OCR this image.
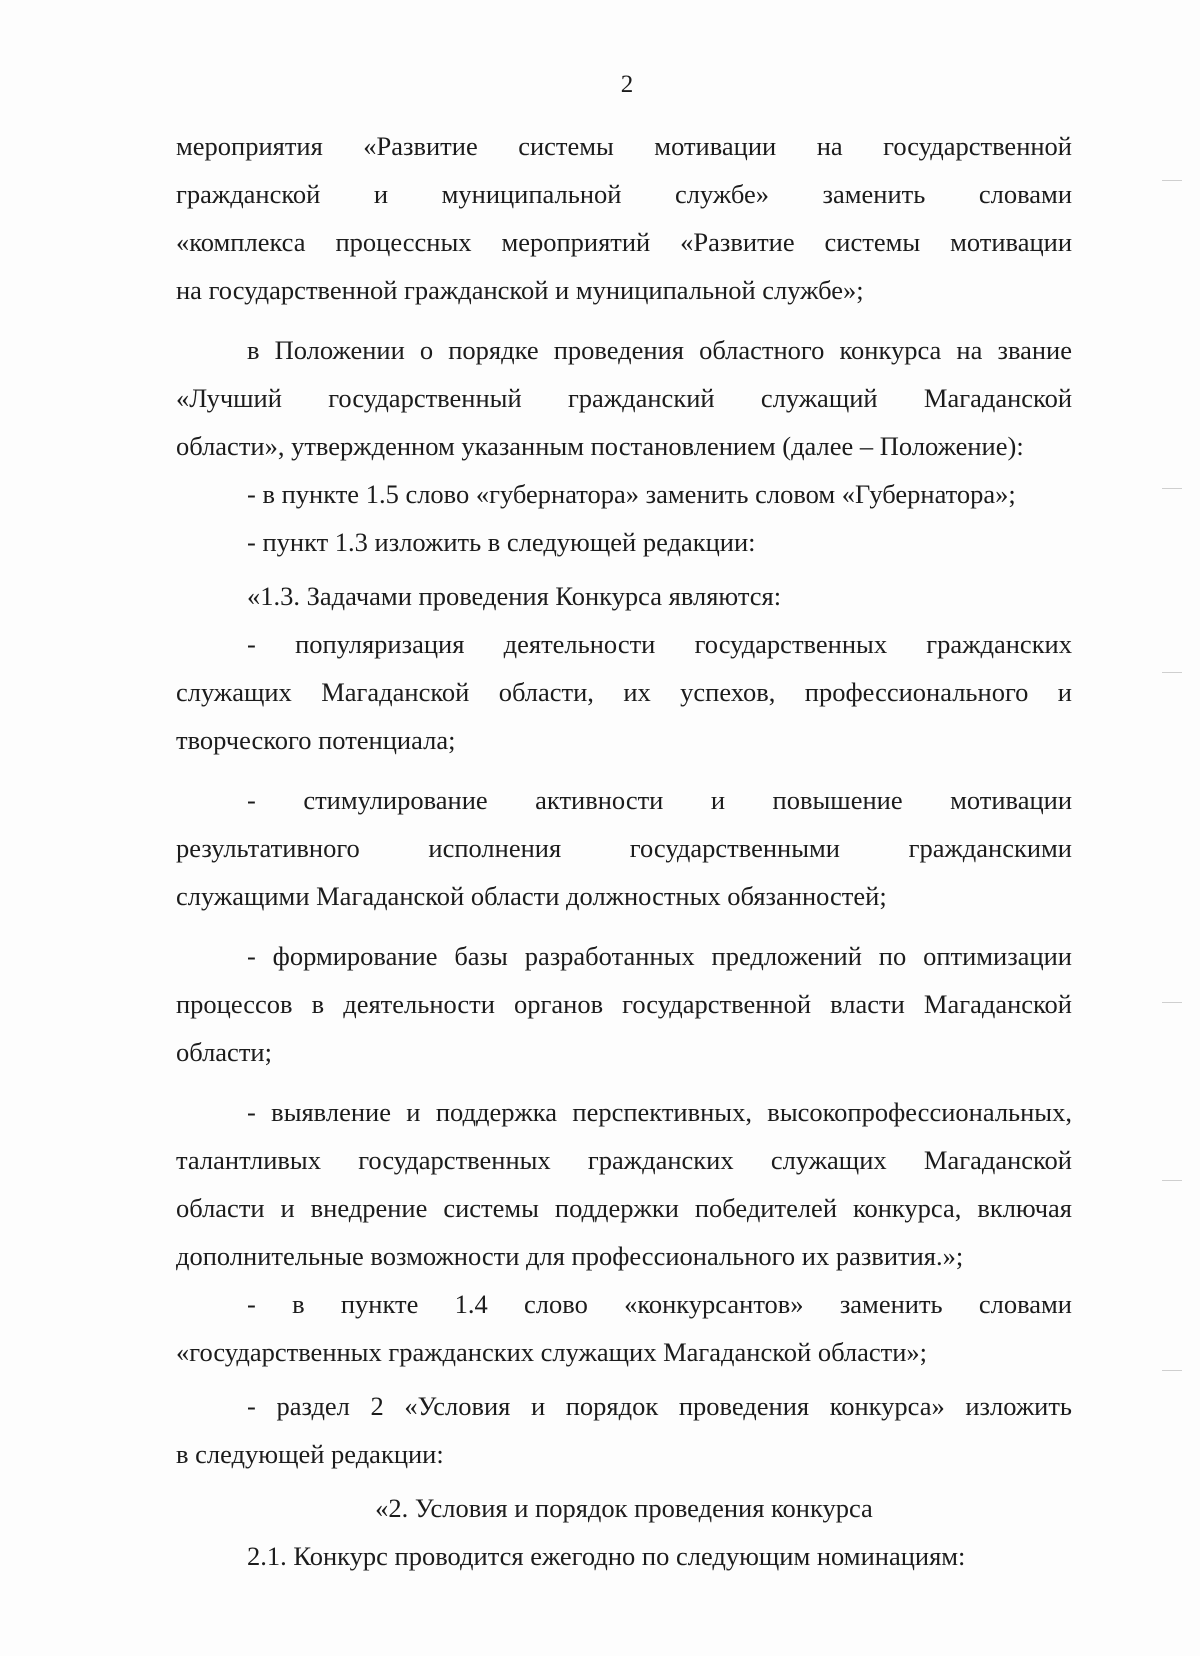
2
мероприятия «Развитие системы мотивации на государственной
гражданской и муниципальной службе» заменить словами
«комплекса процессных мероприятий «Развитие системы мотивации
на государственной гражданской и муниципальной службе»;
в Положении о порядке проведения областного конкурса на звание
«Лучший государственный гражданский служащий Магаданской
области», утвержденном указанным постановлением (далее – Положение):
- в пункте 1.5 слово «губернатора» заменить словом «Губернатора»;
- пункт 1.3 изложить в следующей редакции:
«1.3. Задачами проведения Конкурса являются:
- популяризация деятельности государственных гражданских
служащих Магаданской области, их успехов, профессионального и
творческого потенциала;
- стимулирование активности и повышение мотивации
результативного исполнения государственными гражданскими
служащими Магаданской области должностных обязанностей;
- формирование базы разработанных предложений по оптимизации
процессов в деятельности органов государственной власти Магаданской
области;
- выявление и поддержка перспективных, высокопрофессиональных,
талантливых государственных гражданских служащих Магаданской
области и внедрение системы поддержки победителей конкурса, включая
дополнительные возможности для профессионального их развития.»;
- в пункте 1.4 слово «конкурсантов» заменить словами
«государственных гражданских служащих Магаданской области»;
- раздел 2 «Условия и порядок проведения конкурса» изложить
в следующей редакции:
«2. Условия и порядок проведения конкурса
2.1. Конкурс проводится ежегодно по следующим номинациям:
